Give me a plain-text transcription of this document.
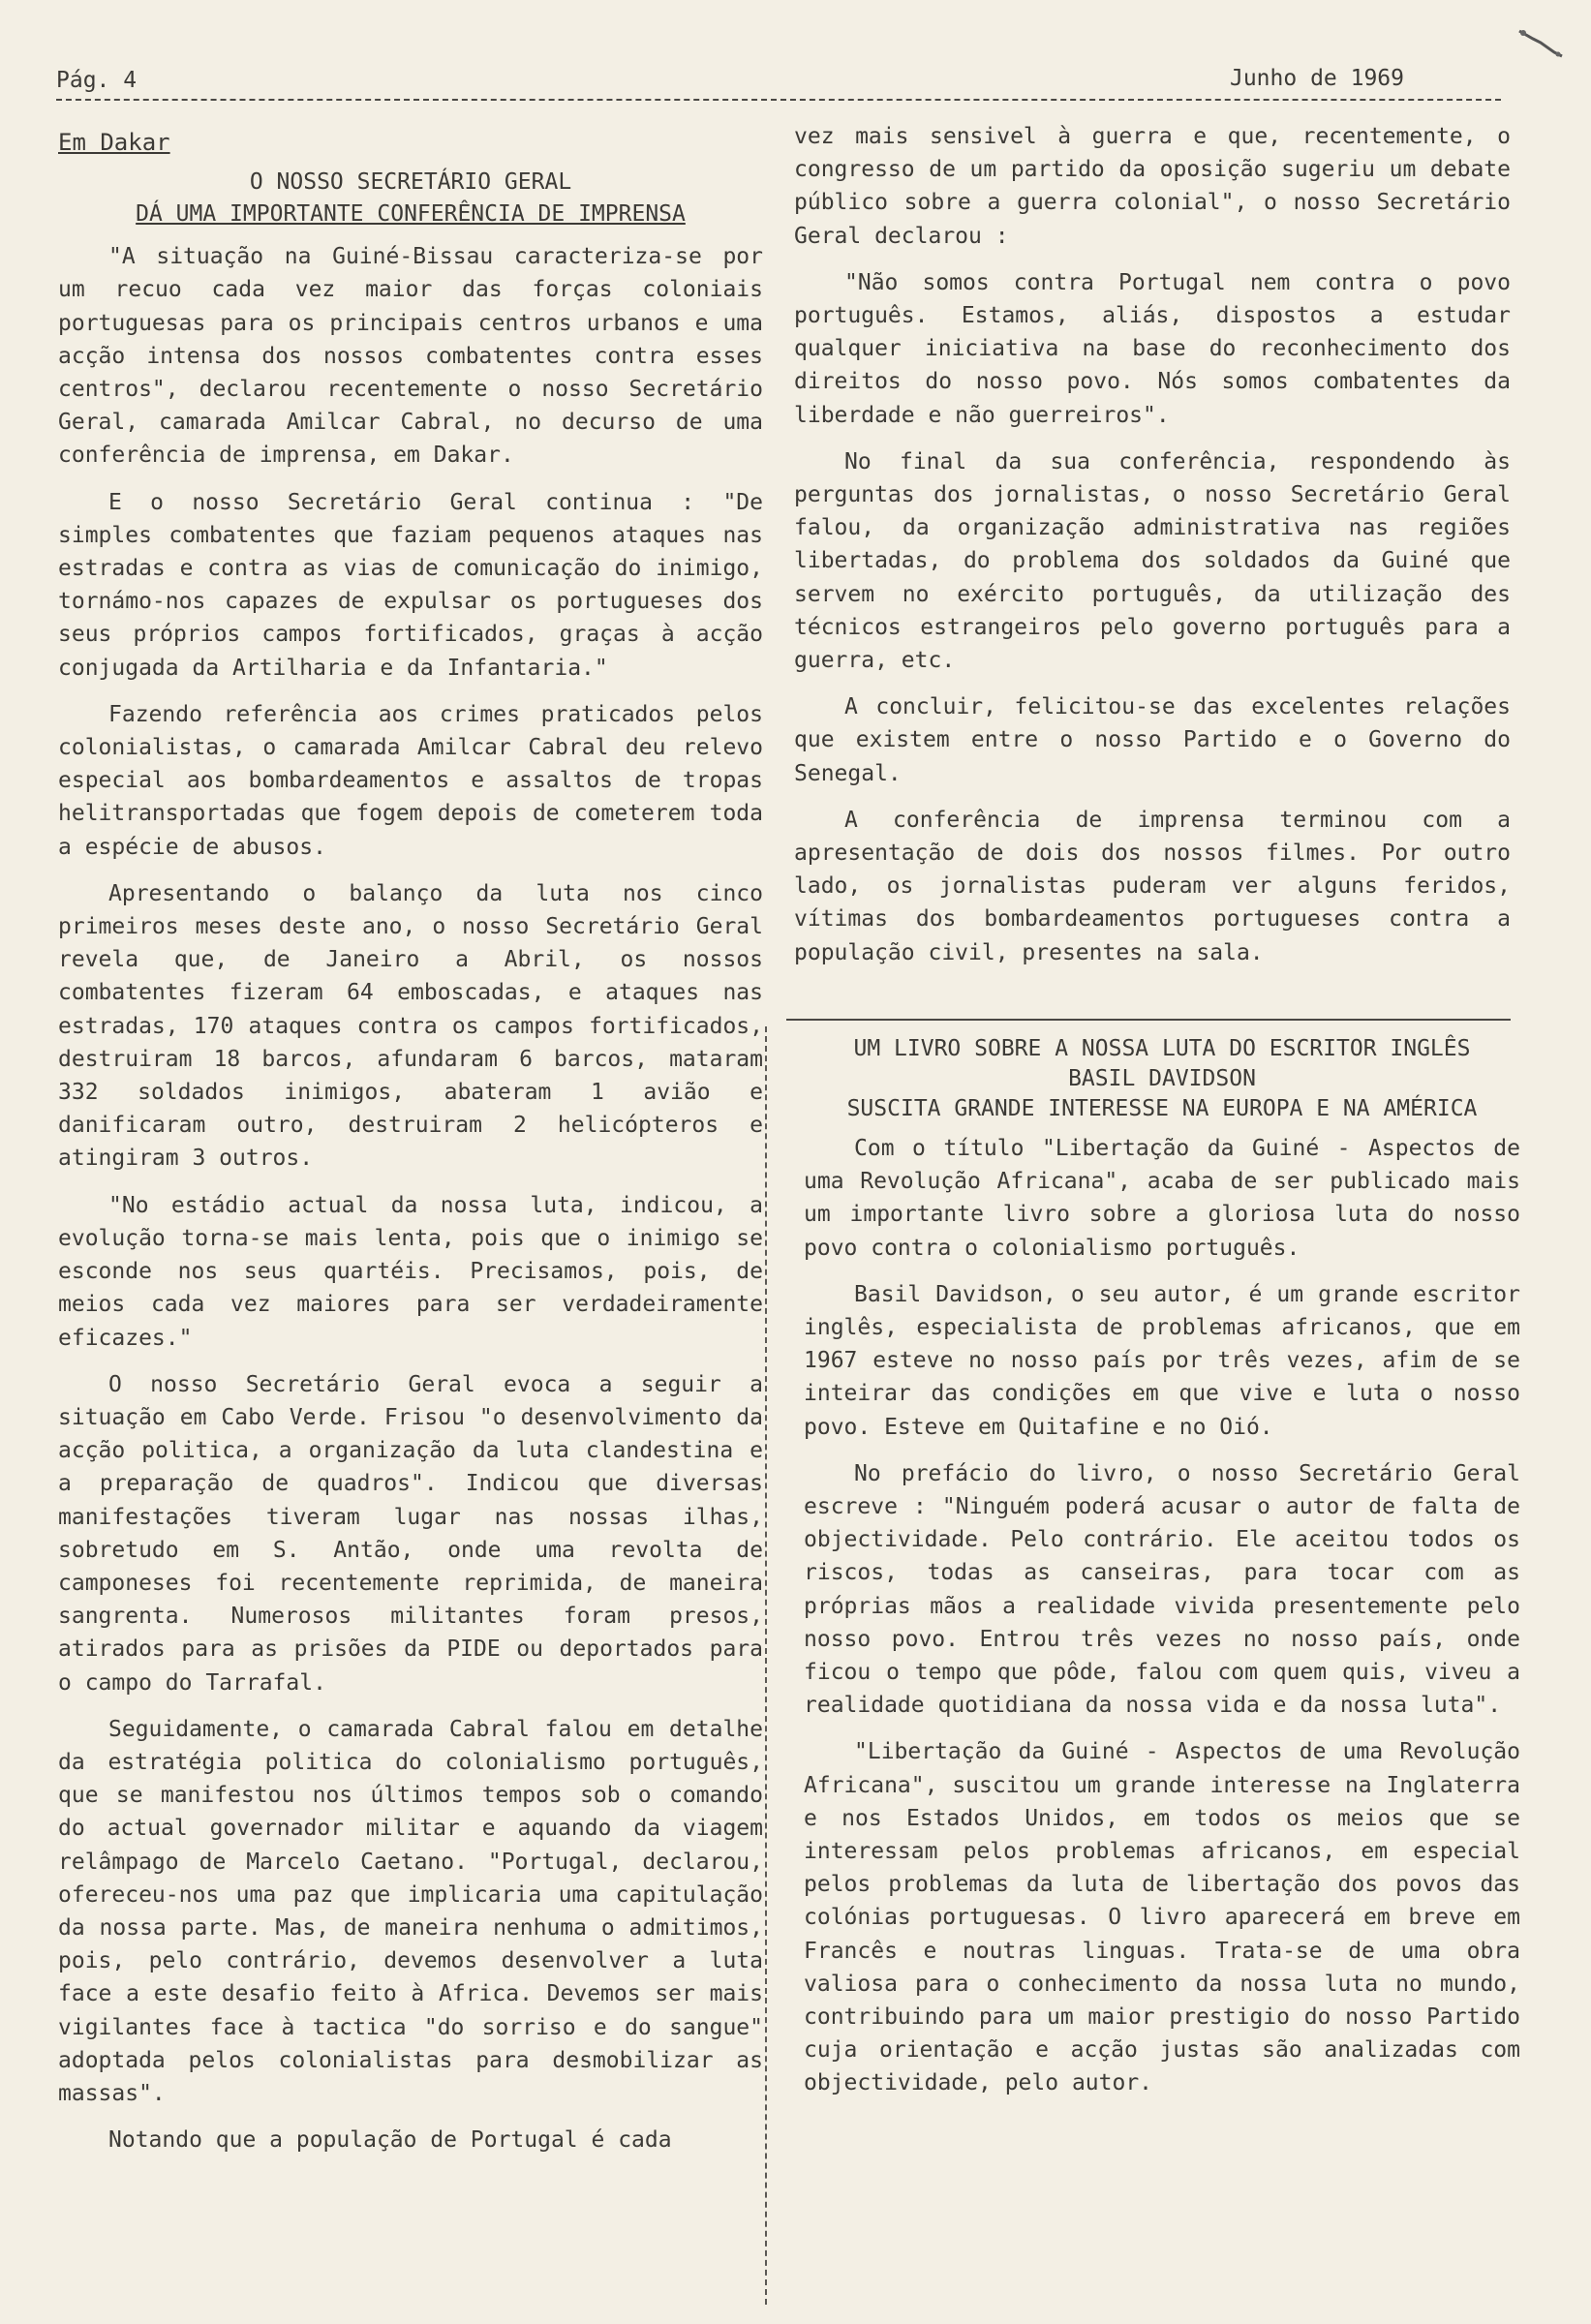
Pág. 4	Junho de 1969
Em Dakar
O NOSSO SECRETÁRIO GERAL
DÁ UMA IMPORTANTE CONFERÊNCIA DE IMPRENSA

"A situação na Guiné-Bissau caracteriza-se por um recuo cada vez maior das forças coloniais portuguesas para os principais centros urbanos e uma acção intensa dos nossos combatentes contra esses centros", declarou recentemente o nosso Secretário Geral, camarada Amilcar Cabral, no decurso de uma conferência de imprensa, em Dakar.

E o nosso Secretário Geral continua : "De simples combatentes que faziam pequenos ataques nas estradas e contra as vias de comunicação do inimigo, tornámo-nos capazes de expulsar os portugueses dos seus próprios campos fortificados, graças à acção conjugada da Artilharia e da Infantaria."

Fazendo referência aos crimes praticados pelos colonialistas, o camarada Amilcar Cabral deu relevo especial aos bombardeamentos e assaltos de tropas helitransportadas que fogem depois de cometerem toda a espécie de abusos.

Apresentando o balanço da luta nos cinco primeiros meses deste ano, o nosso Secretário Geral revela que, de Janeiro a Abril, os nossos combatentes fizeram 64 emboscadas, e ataques nas estradas, 170 ataques contra os campos fortificados, destruiram 18 barcos, afundaram 6 barcos, mataram 332 soldados inimigos, abateram 1 avião e danificaram outro, destruiram 2 helicópteros e atingiram 3 outros.

"No estádio actual da nossa luta, indicou, a evolução torna-se mais lenta, pois que o inimigo se esconde nos seus quartéis. Precisamos, pois, de meios cada vez maiores para ser verdadeiramente eficazes."

O nosso Secretário Geral evoca a seguir a situação em Cabo Verde. Frisou "o desenvolvimento da acção politica, a organização da luta clandestina e a preparação de quadros". Indicou que diversas manifestações tiveram lugar nas nossas ilhas, sobretudo em S. Antão, onde uma revolta de camponeses foi recentemente reprimida, de maneira sangrenta. Numerosos militantes foram presos, atirados para as prisões da PIDE ou deportados para o campo do Tarrafal.

Seguidamente, o camarada Cabral falou em detalhe da estratégia politica do colonialismo português, que se manifestou nos últimos tempos sob o comando do actual governador militar e aquando da viagem relâmpago de Marcelo Caetano. "Portugal, declarou, ofereceu-nos uma paz que implicaria uma capitulação da nossa parte. Mas, de maneira nenhuma o admitimos, pois, pelo contrário, devemos desenvolver a luta face a este desafio feito à Africa. Devemos ser mais vigilantes face à tactica "do sorriso e do sangue" adoptada pelos colonialistas para desmobilizar as massas".

Notando que a população de Portugal é cada

vez mais sensivel à guerra e que, recentemente, o congresso de um partido da oposição sugeriu um debate público sobre a guerra colonial", o nosso Secretário Geral declarou :

"Não somos contra Portugal nem contra o povo português. Estamos, aliás, dispostos a estudar qualquer iniciativa na base do reconhecimento dos direitos do nosso povo. Nós somos combatentes da liberdade e não guerreiros".

No final da sua conferência, respondendo às perguntas dos jornalistas, o nosso Secretário Geral falou, da organização administrativa nas regiões libertadas, do problema dos soldados da Guiné que servem no exército português, da utilização des técnicos estrangeiros pelo governo português para a guerra, etc.

A concluir, felicitou-se das excelentes relações que existem entre o nosso Partido e o Governo do Senegal.

A conferência de imprensa terminou com a apresentação de dois dos nossos filmes. Por outro lado, os jornalistas puderam ver alguns feridos, vítimas dos bombardeamentos portugueses contra a população civil, presentes na sala.

UM LIVRO SOBRE A NOSSA LUTA DO ESCRITOR INGLÊS
BASIL DAVIDSON
SUSCITA GRANDE INTERESSE NA EUROPA E NA AMÉRICA

Com o título "Libertação da Guiné - Aspectos de uma Revolução Africana", acaba de ser publicado mais um importante livro sobre a gloriosa luta do nosso povo contra o colonialismo português.

Basil Davidson, o seu autor, é um grande escritor inglês, especialista de problemas africanos, que em 1967 esteve no nosso país por três vezes, afim de se inteirar das condições em que vive e luta o nosso povo. Esteve em Quitafine e no Oió.

No prefácio do livro, o nosso Secretário Geral escreve : "Ninguém poderá acusar o autor de falta de objectividade. Pelo contrário. Ele aceitou todos os riscos, todas as canseiras, para tocar com as próprias mãos a realidade vivida presentemente pelo nosso povo. Entrou três vezes no nosso país, onde ficou o tempo que pôde, falou com quem quis, viveu a realidade quotidiana da nossa vida e da nossa luta".

"Libertação da Guiné - Aspectos de uma Revolução Africana", suscitou um grande interesse na Inglaterra e nos Estados Unidos, em todos os meios que se interessam pelos problemas africanos, em especial pelos problemas da luta de libertação dos povos das colónias portuguesas. O livro aparecerá em breve em Francês e noutras linguas. Trata-se de uma obra valiosa para o conhecimento da nossa luta no mundo, contribuindo para um maior prestigio do nosso Partido cuja orientação e acção justas são analizadas com objectividade, pelo autor.
